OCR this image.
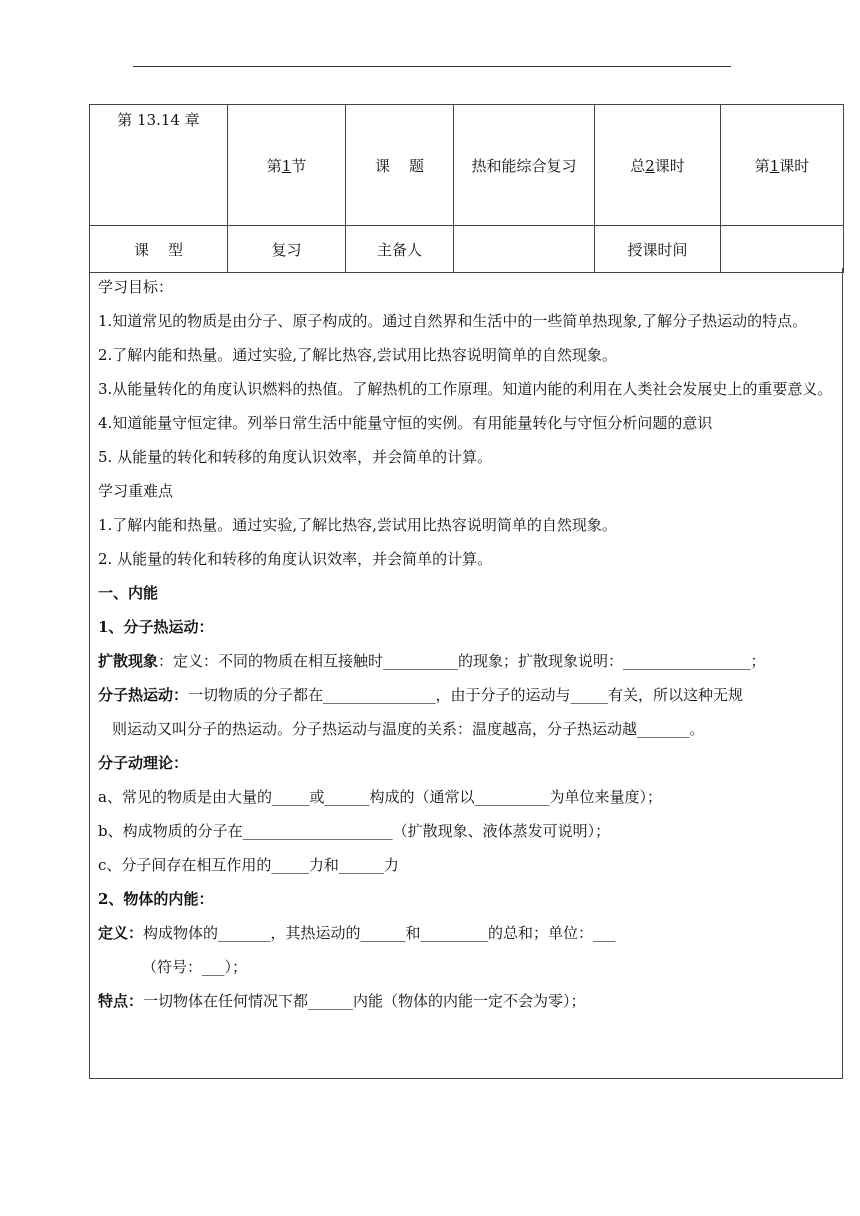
第 13.14 章	第1节	课    题	热和能综合复习	总2课时	第1课时
课    型	复习	主备人		授课时间	
学习目标：
1.知道常见的物质是由分子、原子构成的。通过自然界和生活中的一些简单热现象,了解分子热运动的特点。
2.了解内能和热量。通过实验,了解比热容,尝试用比热容说明简单的自然现象。
3.从能量转化的角度认识燃料的热值。了解热机的工作原理。知道内能的利用在人类社会发展史上的重要意义。
4.知道能量守恒定律。列举日常生活中能量守恒的实例。有用能量转化与守恒分析问题的意识
5. 从能量的转化和转移的角度认识效率，并会简单的计算。
学习重难点
1.了解内能和热量。通过实验,了解比热容,尝试用比热容说明简单的自然现象。
2. 从能量的转化和转移的角度认识效率，并会简单的计算。
一、内能
1、分子热运动：
扩散现象：定义：不同的物质在相互接触时__________的现象；扩散现象说明：_________________；
分子热运动：一切物质的分子都在_______________，由于分子的运动与_____有关，所以这种无规
则运动又叫分子的热运动。分子热运动与温度的关系：温度越高，分子热运动越_______。
分子动理论：
a、常见的物质是由大量的_____或______构成的（通常以__________为单位来量度）；
b、构成物质的分子在____________________（扩散现象、液体蒸发可说明）；
c、分子间存在相互作用的_____力和______力
2、物体的内能：
定义：构成物体的_______，其热运动的______和_________的总和；单位：___
（符号：___）；
特点：一切物体在任何情况下都______内能（物体的内能一定不会为零）；
